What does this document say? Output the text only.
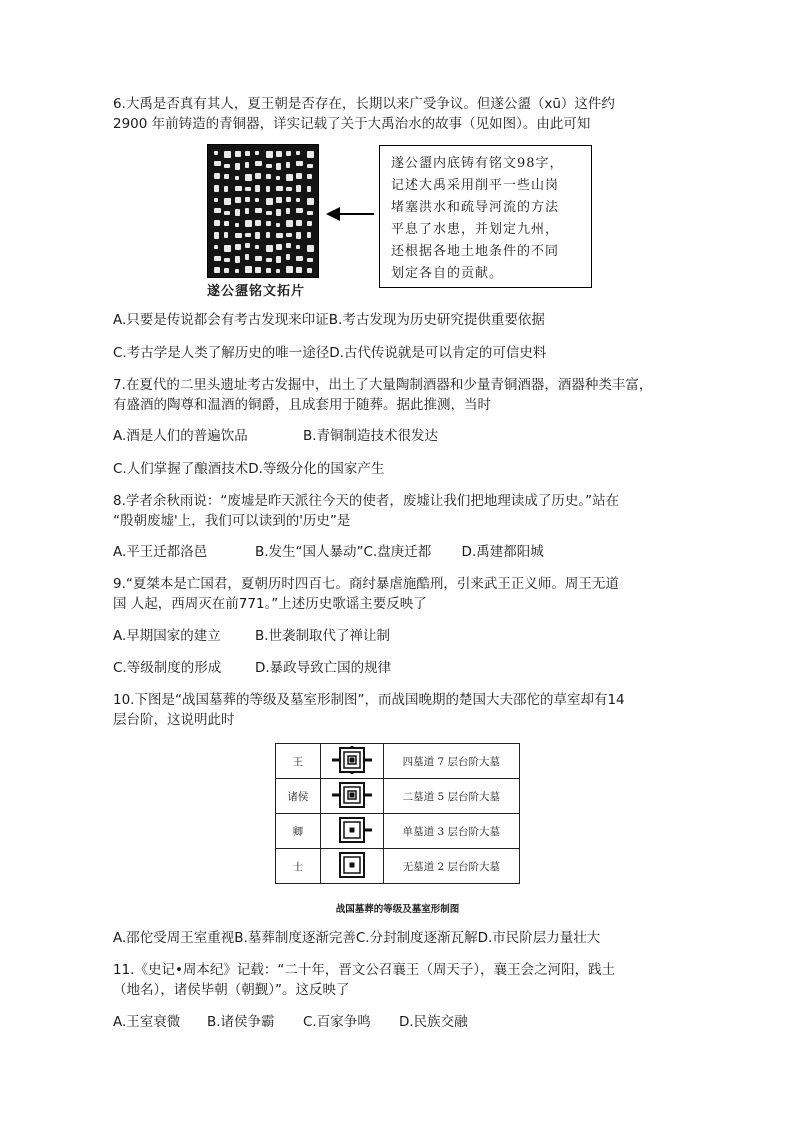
6.大禹是否真有其人，夏王朝是否存在，长期以来广受争议。但遂公盨（xū）这件约
2900 年前铸造的青铜器，详实记载了关于大禹治水的故事（见如图）。由此可知
遂公盨铭文拓片
遂公盨内底铸有铭文98字，
记述大禹采用削平一些山岗
堵塞洪水和疏导河流的方法
平息了水患，并划定九州，
还根据各地土地条件的不同
划定各自的贡献。
A.只要是传说都会有考古发现来印证B.考古发现为历史研究提供重要依据
C.考古学是人类了解历史的唯一途径D.古代传说就是可以肯定的可信史料
7.在夏代的二里头遗址考古发掘中，出土了大量陶制酒器和少量青铜酒器，酒器种类丰富，
有盛酒的陶尊和温酒的铜爵，且成套用于随葬。据此推测，当时
A.酒是人们的普遍饮品	B.青铜制造技术很发达
C.人们掌握了酿酒技术D.等级分化的国家产生
8.学者余秋雨说：“废墟是昨天派往今天的使者，废墟让我们把地理读成了历史。”站在
“殷朝废墟'上，我们可以读到的'历史”是
A.平王迁都洛邑	B.发生“国人暴动”C.盘庚迁都 D.禹建都阳城
9.“夏桀本是亡国君，夏朝历时四百七。商纣暴虐施酷刑，引来武王正义师。周王无道
国 人起，西周灭在前771。”上述历史歌谣主要反映了
A.早期国家的建立	B.世袭制取代了禅让制
C.等级制度的形成	D.暴政导致亡国的规律
10.下图是“战国墓葬的等级及墓室形制图”，而战国晚期的楚国大夫邵佗的草室却有14
层台阶，这说明此时
王		四墓道 7 层台阶大墓
诸侯		二墓道 5 层台阶大墓
卿		单墓道 3 层台阶大墓
士		无墓道 2 层台阶大墓
战国墓葬的等级及墓室形制图
A.邵佗受周王室重视B.墓葬制度逐渐完善C.分封制度逐渐瓦解D.市民阶层力量壮大
11.《史记•周本纪》记载：“二十年，晋文公召襄王（周天子），襄王会之河阳，践土
（地名），诸侯毕朝（朝觐）”。这反映了
A.王室衰微 B.诸侯争霸 C.百家争鸣 D.民族交融
